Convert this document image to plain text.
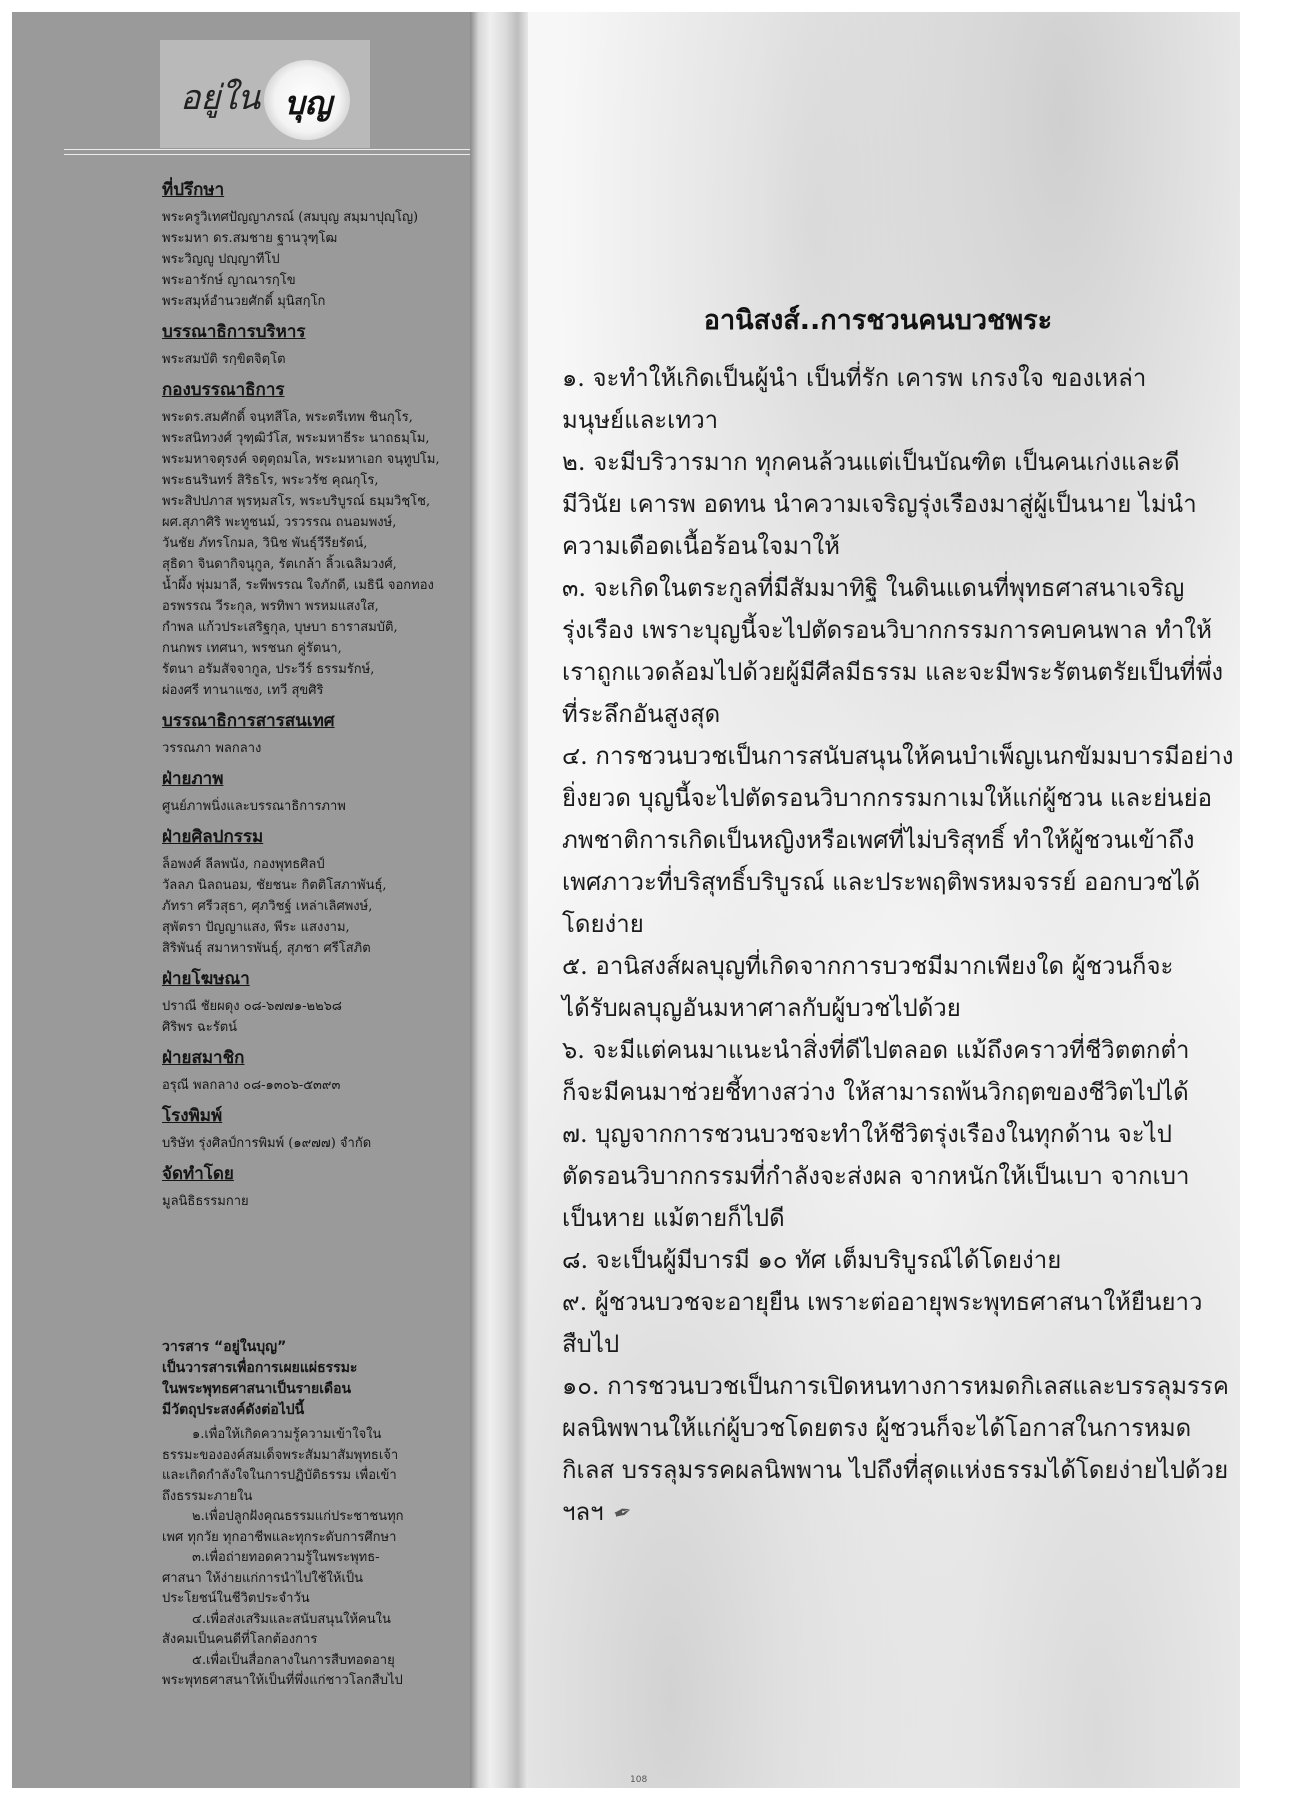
อยู่ใน บุญ
ที่ปรึกษา
พระครูวิเทศปัญญาภรณ์ (สมบุญ สมฺมาปุญฺโญ)
พระมหา ดร.สมชาย ฐานวุฑฺโฒ
พระวิญญู ปญฺญาทีโป
พระอารักษ์ ญาณารกฺโข
พระสมุห์อำนวยศักดิ์ มุนิสกฺโก
บรรณาธิการบริหาร
พระสมบัติ รกฺขิตจิตฺโต
กองบรรณาธิการ
พระดร.สมศักดิ์ จนฺทสีโล, พระตรีเทพ ชินกุโร,
พระสนิทวงศ์ วุฑฺฒิวํโส, พระมหาธีระ นาถธมฺโม,
พระมหาจตุรงค์ จตุตฺถมโล, พระมหาเอก จนฺทูปโม,
พระธนรินทร์ สิริธโร, พระวรัช คุณกุโร,
พระสิปปภาส พฺรหฺมสโร, พระบริบูรณ์ ธมฺมวิชฺโช,
ผศ.สุภาศิริ พะทูชนม์, วรวรรณ ถนอมพงษ์,
วันชัย ภัทรโกมล, วินิช พันธุ์วีรียรัตน์,
สุธิดา จินดากิจนุกูล, รัตเกล้า ลิ้วเฉลิมวงศ์,
น้ำผึ้ง พุ่มมาลี, ระพีพรรณ ใจภักดี, เมธินี จอกทอง
อรพรรณ วีระกุล, พรทิพา พรหมแสงใส,
กำพล แก้วประเสริฐกุล, บุษบา ธาราสมบัติ,
กนกพร เทศนา, พรชนก คู่รัตนา,
รัตนา อรัมสัจจากูล, ประวีร์ ธรรมรักษ์,
ผ่องศรี ทานาแซง, เทวี สุขศิริ
บรรณาธิการสารสนเทศ
วรรณภา พลกลาง
ฝ่ายภาพ
ศูนย์ภาพนิ่งและบรรณาธิการภาพ
ฝ่ายศิลปกรรม
ล็อพงศ์ ลีลพนัง, กองพุทธศิลป์
วัลลภ นิลถนอม, ชัยชนะ กิตติโสภาพันธุ์,
ภัทรา ศรีวสุธา, ศุภวิชฐ์ เหล่าเลิศพงษ์,
สุพัตรา ปัญญาแสง, พีระ แสงงาม,
สิริพันธุ์ สมาหารพันธุ์, สุภชา ศรีโสภิต
ฝ่ายโฆษณา
ปราณี ชัยผดุง ๐๘-๖๗๗๑-๒๒๖๘
ศิริพร ฉะรัตน์
ฝ่ายสมาชิก
อรุณี พลกลาง ๐๘-๑๓๐๖-๕๓๙๓
โรงพิมพ์
บริษัท รุ่งศิลป์การพิมพ์ (๑๙๗๗) จำกัด
จัดทำโดย
มูลนิธิธรรมกาย
วารสาร “อยู่ในบุญ”
เป็นวารสารเพื่อการเผยแผ่ธรรมะ
ในพระพุทธศาสนาเป็นรายเดือน
มีวัตถุประสงค์ดังต่อไปนี้
๑.เพื่อให้เกิดความรู้ความเข้าใจใน
ธรรมะขององค์สมเด็จพระสัมมาสัมพุทธเจ้า
และเกิดกำลังใจในการปฏิบัติธรรม เพื่อเข้า
ถึงธรรมะภายใน
๒.เพื่อปลูกฝังคุณธรรมแก่ประชาชนทุก
เพศ ทุกวัย ทุกอาชีพและทุกระดับการศึกษา
๓.เพื่อถ่ายทอดความรู้ในพระพุทธ-
ศาสนา ให้ง่ายแก่การนำไปใช้ให้เป็น
ประโยชน์ในชีวิตประจำวัน
๔.เพื่อส่งเสริมและสนับสนุนให้คนใน
สังคมเป็นคนดีที่โลกต้องการ
๕.เพื่อเป็นสื่อกลางในการสืบทอดอายุ
พระพุทธศาสนาให้เป็นที่พึ่งแก่ชาวโลกสืบไป
อานิสงส์..การชวนคนบวชพระ
๑. จะทำให้เกิดเป็นผู้นำ เป็นที่รัก เคารพ เกรงใจ ของเหล่า
มนุษย์และเทวา
๒. จะมีบริวารมาก ทุกคนล้วนแต่เป็นบัณฑิต เป็นคนเก่งและดี
มีวินัย เคารพ อดทน นำความเจริญรุ่งเรืองมาสู่ผู้เป็นนาย ไม่นำ
ความเดือดเนื้อร้อนใจมาให้
๓. จะเกิดในตระกูลที่มีสัมมาทิฐิ ในดินแดนที่พุทธศาสนาเจริญ
รุ่งเรือง เพราะบุญนี้จะไปตัดรอนวิบากกรรมการคบคนพาล ทำให้
เราถูกแวดล้อมไปด้วยผู้มีศีลมีธรรม และจะมีพระรัตนตรัยเป็นที่พึ่ง
ที่ระลึกอันสูงสุด
๔. การชวนบวชเป็นการสนับสนุนให้คนบำเพ็ญเนกขัมมบารมีอย่าง
ยิ่งยวด บุญนี้จะไปตัดรอนวิบากกรรมกาเมให้แก่ผู้ชวน และย่นย่อ
ภพชาติการเกิดเป็นหญิงหรือเพศที่ไม่บริสุทธิ์ ทำให้ผู้ชวนเข้าถึง
เพศภาวะที่บริสุทธิ์บริบูรณ์ และประพฤติพรหมจรรย์ ออกบวชได้
โดยง่าย
๕. อานิสงส์ผลบุญที่เกิดจากการบวชมีมากเพียงใด ผู้ชวนก็จะ
ได้รับผลบุญอันมหาศาลกับผู้บวชไปด้วย
๖. จะมีแต่คนมาแนะนำสิ่งที่ดีไปตลอด แม้ถึงคราวที่ชีวิตตกต่ำ
ก็จะมีคนมาช่วยชี้ทางสว่าง ให้สามารถพ้นวิกฤตของชีวิตไปได้
๗. บุญจากการชวนบวชจะทำให้ชีวิตรุ่งเรืองในทุกด้าน จะไป
ตัดรอนวิบากกรรมที่กำลังจะส่งผล จากหนักให้เป็นเบา จากเบา
เป็นหาย แม้ตายก็ไปดี
๘. จะเป็นผู้มีบารมี ๑๐ ทัศ เต็มบริบูรณ์ได้โดยง่าย
๙. ผู้ชวนบวชจะอายุยืน เพราะต่ออายุพระพุทธศาสนาให้ยืนยาว
สืบไป
๑๐. การชวนบวชเป็นการเปิดหนทางการหมดกิเลสและบรรลุมรรค
ผลนิพพานให้แก่ผู้บวชโดยตรง ผู้ชวนก็จะได้โอกาสในการหมด
กิเลส บรรลุมรรคผลนิพพาน ไปถึงที่สุดแห่งธรรมได้โดยง่ายไปด้วย
ฯลฯ ✒
108
